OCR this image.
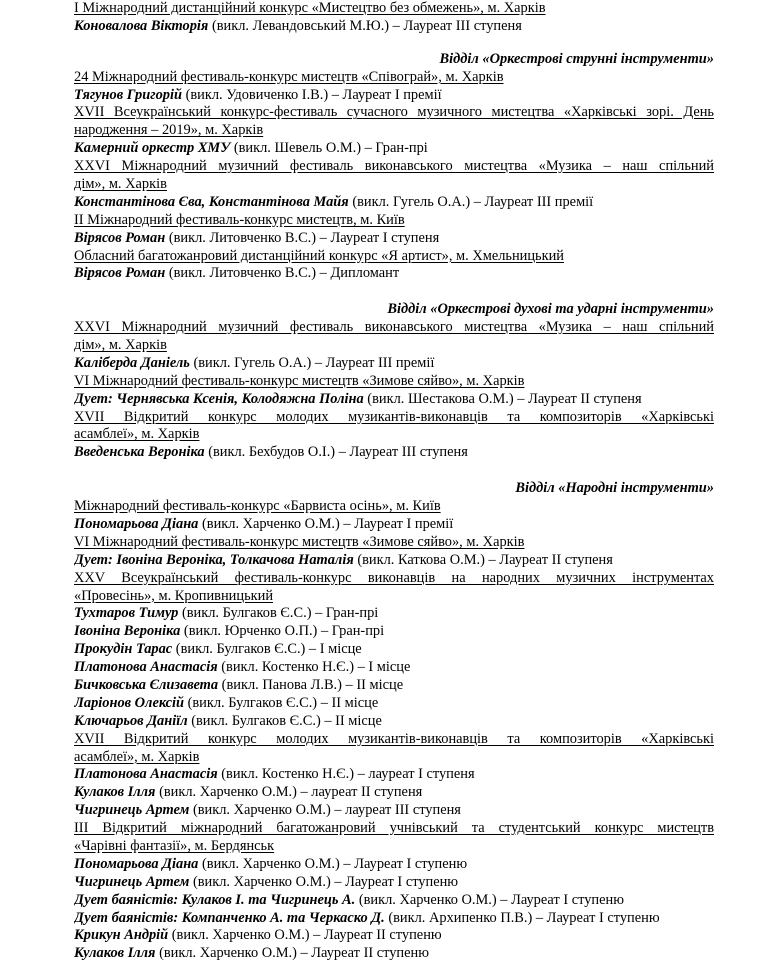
I Міжнародний дистанційний конкурс «Мистецтво без обмежень», м. Харків
Коновалова Вікторія (викл. Левандовський М.Ю.) – Лауреат ІІІ ступеня
Відділ «Оркестрові струнні інструменти»
24 Міжнародний фестиваль-конкурс мистецтв «Співограй», м. Харків
Тягунов Григорій (викл. Удовиченко І.В.) – Лауреат І премії
XVII Всеукраїнський конкурс-фестиваль сучасного музичного мистецтва «Харківські зорі. День
народження – 2019», м. Харків
Камерний оркестр ХМУ (викл. Шевель О.М.) – Гран-прі
XXVI Міжнародний музичний фестиваль виконавського мистецтва «Музика – наш спільний
дім», м. Харків
Константінова Єва, Константінова Майя (викл. Гугель О.А.) – Лауреат ІІІ премії
ІІ Міжнародний фестиваль-конкурс мистецтв, м. Київ
Вірясов Роман (викл. Литовченко В.С.) – Лауреат І ступеня
Обласний багатожанровий дистанційний конкурс «Я артист», м. Хмельницький
Вірясов Роман (викл. Литовченко В.С.) – Дипломант
Відділ «Оркестрові духові та ударні інструменти»
XXVI Міжнародний музичний фестиваль виконавського мистецтва «Музика – наш спільний
дім», м. Харків
Каліберда Даніель (викл. Гугель О.А.) – Лауреат ІІІ премії
VI Міжнародний фестиваль-конкурс мистецтв «Зимове сяйво», м. Харків
Дует: Чернявська Ксенія, Колодяжна Поліна (викл. Шестакова О.М.) – Лауреат ІІ ступеня
XVII Відкритий конкурс молодих музикантів-виконавців та композиторів «Харківські
асамблеї», м. Харків
Введенська Вероніка (викл. Бехбудов О.І.) – Лауреат ІІІ ступеня
Відділ «Народні інструменти»
Міжнародний фестиваль-конкурс «Барвиста осінь», м. Київ
Пономарьова Діана (викл. Харченко О.М.) – Лауреат І премії
VI Міжнародний фестиваль-конкурс мистецтв «Зимове сяйво», м. Харків
Дует: Івоніна Вероніка, Толкачова Наталія (викл. Каткова О.М.) – Лауреат ІІ ступеня
XXV Всеукраїнський фестиваль-конкурс виконавців на народних музичних інструментах
«Провесінь», м. Кропивницький
Тухтаров Тимур (викл. Булгаков Є.С.) – Гран-прі
Івоніна Вероніка (викл. Юрченко О.П.) – Гран-прі
Прокудін Тарас (викл. Булгаков Є.С.) – І місце
Платонова Анастасія (викл. Костенко Н.Є.) – І місце
Бичковська Єлизавета (викл. Панова Л.В.) – ІІ місце
Ларіонов Олексій (викл. Булгаков Є.С.) – ІІ місце
Ключарьов Даніїл (викл. Булгаков Є.С.) – ІІ місце
XVII Відкритий конкурс молодих музикантів-виконавців та композиторів «Харківські
асамблеї», м. Харків
Платонова Анастасія (викл. Костенко Н.Є.) – лауреат І ступеня
Кулаков Ілля (викл. Харченко О.М.) – лауреат ІІ ступеня
Чигринець Артем (викл. Харченко О.М.) – лауреат ІІІ ступеня
ІІІ Відкритий міжнародний багатожанровий учнівський та студентський конкурс мистецтв
«Чарівні фантазії», м. Бердянськ
Пономарьова Діана (викл. Харченко О.М.) – Лауреат І ступеню
Чигринець Артем (викл. Харченко О.М.) – Лауреат І ступеню
Дует баяністів: Кулаков І. та Чигринець А. (викл. Харченко О.М.) – Лауреат І ступеню
Дует баяністів: Компанченко А. та Черкаско Д. (викл. Архипенко П.В.) – Лауреат І ступеню
Крикун Андрій (викл. Харченко О.М.) – Лауреат ІІ ступеню
Кулаков Ілля (викл. Харченко О.М.) – Лауреат ІІ ступеню
